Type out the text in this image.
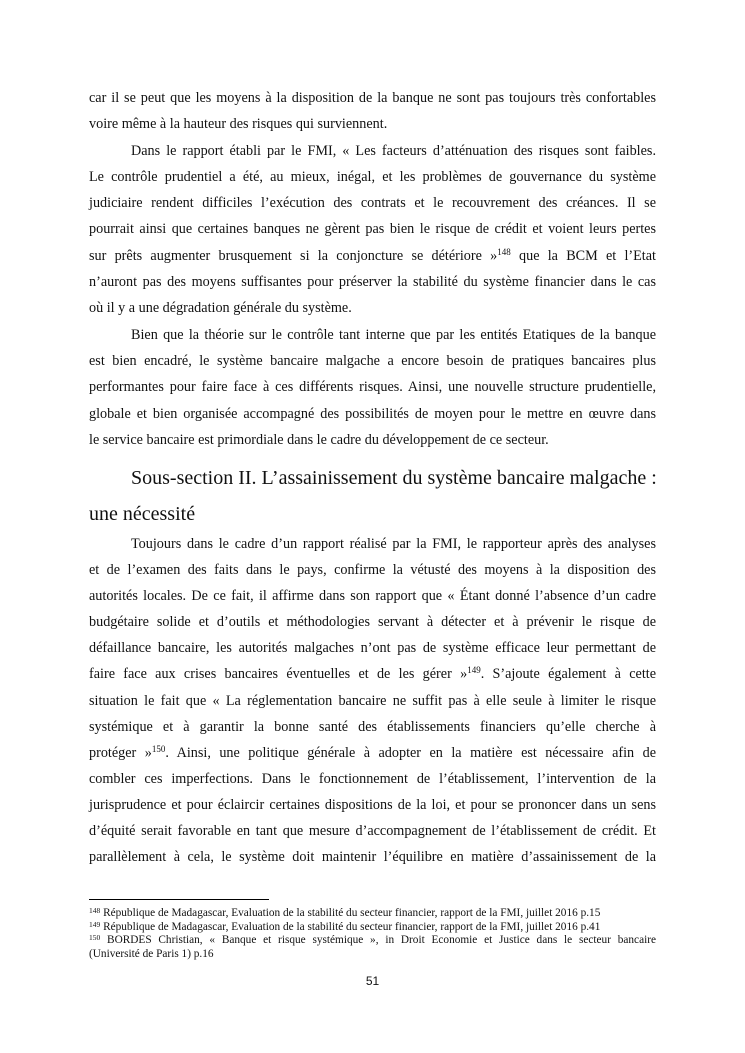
car il se peut que les moyens à la disposition de la banque ne sont pas toujours très confortables
voire même à la hauteur des risques qui surviennent.
Dans le rapport établi par le FMI, « Les facteurs d’atténuation des risques sont faibles.
Le contrôle prudentiel a été, au mieux, inégal, et les problèmes de gouvernance du système
judiciaire rendent difficiles l’exécution des contrats et le recouvrement des créances. Il se
pourrait ainsi que certaines banques ne gèrent pas bien le risque de crédit et voient leurs pertes
sur prêts augmenter brusquement si la conjoncture se détériore »$^{148}$ que la BCM et l’Etat
n’auront pas des moyens suffisantes pour préserver la stabilité du système financier dans le cas
où il y a une dégradation générale du système.
Bien que la théorie sur le contrôle tant interne que par les entités Etatiques de la banque
est bien encadré, le système bancaire malgache a encore besoin de pratiques bancaires plus
performantes pour faire face à ces différents risques. Ainsi, une nouvelle structure prudentielle,
globale et bien organisée accompagné des possibilités de moyen pour le mettre en œuvre dans
le service bancaire est primordiale dans le cadre du développement de ce secteur.
Sous-section II. L’assainissement du système bancaire malgache :
une nécessité
Toujours dans le cadre d’un rapport réalisé par la FMI, le rapporteur après des analyses
et de l’examen des faits dans le pays, confirme la vétusté des moyens à la disposition des
autorités locales. De ce fait, il affirme dans son rapport que « Étant donné l’absence d’un cadre
budgétaire solide et d’outils et méthodologies servant à détecter et à prévenir le risque de
défaillance bancaire, les autorités malgaches n’ont pas de système efficace leur permettant de
faire face aux crises bancaires éventuelles et de les gérer »$^{149}$. S’ajoute également à cette
situation le fait que « La réglementation bancaire ne suffit pas à elle seule à limiter le risque
systémique et à garantir la bonne santé des établissements financiers qu’elle cherche à
protéger »$^{150}$. Ainsi, une politique générale à adopter en la matière est nécessaire afin de
combler ces imperfections. Dans le fonctionnement de l’établissement, l’intervention de la
jurisprudence et pour éclaircir certaines dispositions de la loi, et pour se prononcer dans un sens
d’équité serait favorable en tant que mesure d’accompagnement de l’établissement de crédit. Et
parallèlement à cela, le système doit maintenir l’équilibre en matière d’assainissement de la
$^{148}$ République de Madagascar, Evaluation de la stabilité du secteur financier, rapport de la FMI, juillet 2016 p.15
$^{149}$ République de Madagascar, Evaluation de la stabilité du secteur financier, rapport de la FMI, juillet 2016 p.41
$^{150}$ BORDES Christian, « Banque et risque systémique », in Droit Economie et Justice dans le secteur bancaire
(Université de Paris 1) p.16
51
